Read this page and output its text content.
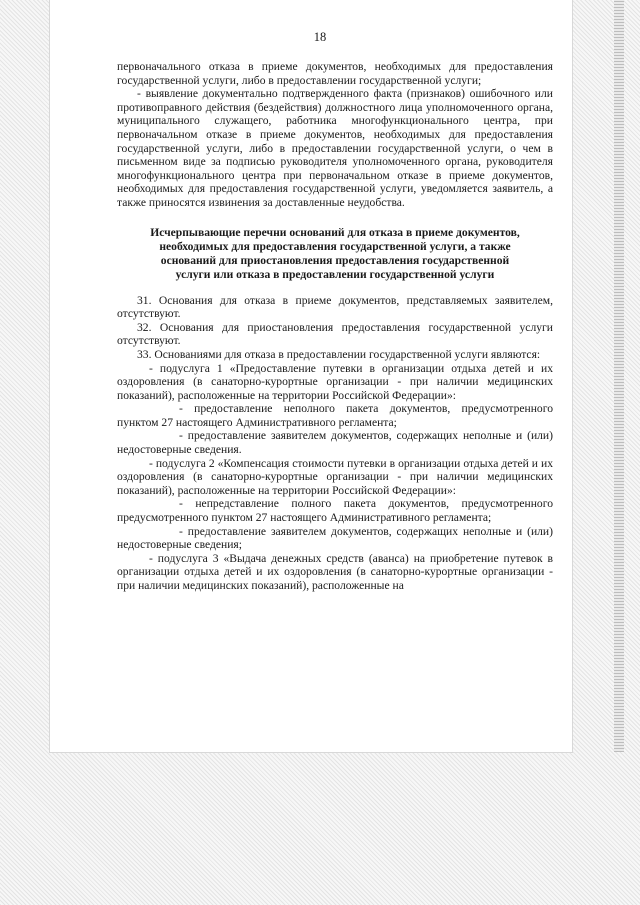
18

первоначального отказа в приеме документов, необходимых для предоставления государственной услуги, либо в предоставлении государственной услуги;

- выявление документально подтвержденного факта (признаков) ошибочного или противоправного действия (бездействия) должностного лица уполномоченного органа, муниципального служащего, работника многофункционального центра, при первоначальном отказе в приеме документов, необходимых для предоставления государственной услуги, либо в предоставлении государственной услуги, о чем в письменном виде за подписью руководителя уполномоченного органа, руководителя многофункционального центра при первоначальном отказе в приеме документов, необходимых для предоставления государственной услуги, уведомляется заявитель, а также приносятся извинения за доставленные неудобства.

Исчерпывающие перечни оснований для отказа в приеме документов, необходимых для предоставления государственной услуги, а также оснований для приостановления предоставления государственной услуги или отказа в предоставлении государственной услуги

31. Основания для отказа в приеме документов, представляемых заявителем, отсутствуют.

32. Основания для приостановления предоставления государственной услуги отсутствуют.

33. Основаниями для отказа в предоставлении государственной услуги являются:

- подуслуга 1 «Предоставление путевки в организации отдыха детей и их оздоровления (в санаторно-курортные организации - при наличии медицинских показаний), расположенные на территории Российской Федерации»:

- предоставление неполного пакета документов, предусмотренного пунктом 27 настоящего Административного регламента;

- предоставление заявителем документов, содержащих неполные и (или) недостоверные сведения.

- подуслуга 2 «Компенсация стоимости путевки в организации отдыха детей и их оздоровления (в санаторно-курортные организации - при наличии медицинских показаний), расположенные на территории Российской Федерации»:

- непредставление полного пакета документов, предусмотренного предусмотренного пунктом 27 настоящего Административного регламента;

- предоставление заявителем документов, содержащих неполные и (или) недостоверные сведения;

- подуслуга 3 «Выдача денежных средств (аванса) на приобретение путевок в организации отдыха детей и их оздоровления (в санаторно-курортные организации - при наличии медицинских показаний), расположенные на
